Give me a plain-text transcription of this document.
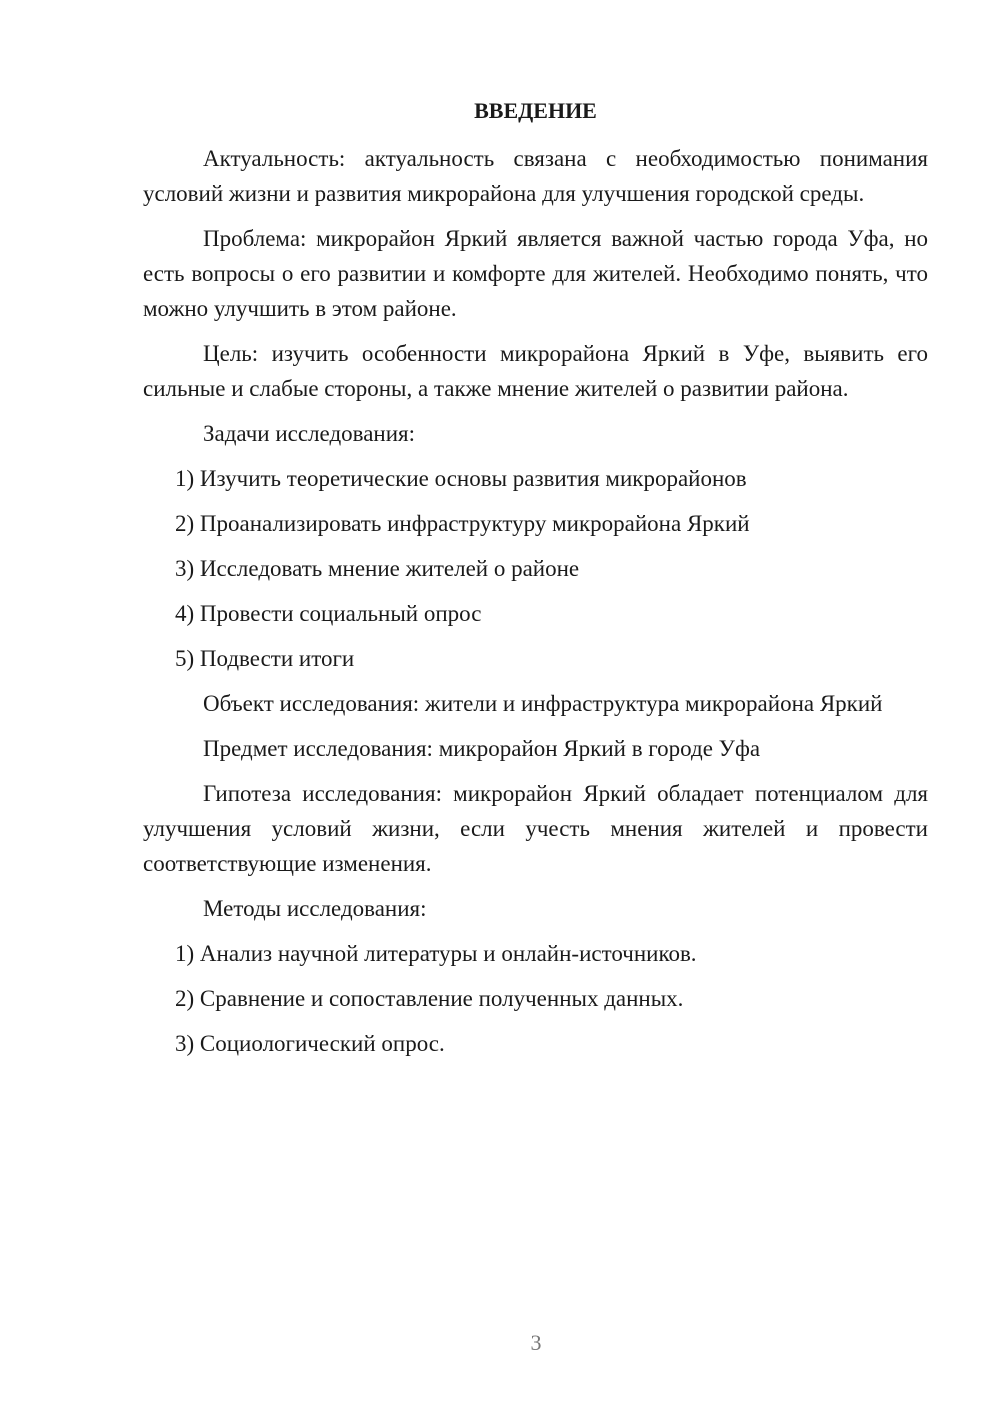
ВВЕДЕНИЕ

Актуальность: актуальность связана с необходимостью понимания условий жизни и развития микрорайона для улучшения городской среды.

Проблема: микрорайон Яркий является важной частью города Уфа, но есть вопросы о его развитии и комфорте для жителей. Необходимо понять, что можно улучшить в этом районе.

Цель: изучить особенности микрорайона Яркий в Уфе, выявить его сильные и слабые стороны, а также мнение жителей о развитии района.

Задачи исследования:

1) Изучить теоретические основы развития микрорайонов

2) Проанализировать инфраструктуру микрорайона Яркий

3) Исследовать мнение жителей о районе

4) Провести социальный опрос

5) Подвести итоги

Объект исследования: жители и инфраструктура микрорайона Яркий

Предмет исследования: микрорайон Яркий в городе Уфа

Гипотеза исследования: микрорайон Яркий обладает потенциалом для улучшения условий жизни, если учесть мнения жителей и провести соответствующие изменения.

Методы исследования:

1) Анализ научной литературы и онлайн-источников.

2) Сравнение и сопоставление полученных данных.

3) Социологический опрос.

3
